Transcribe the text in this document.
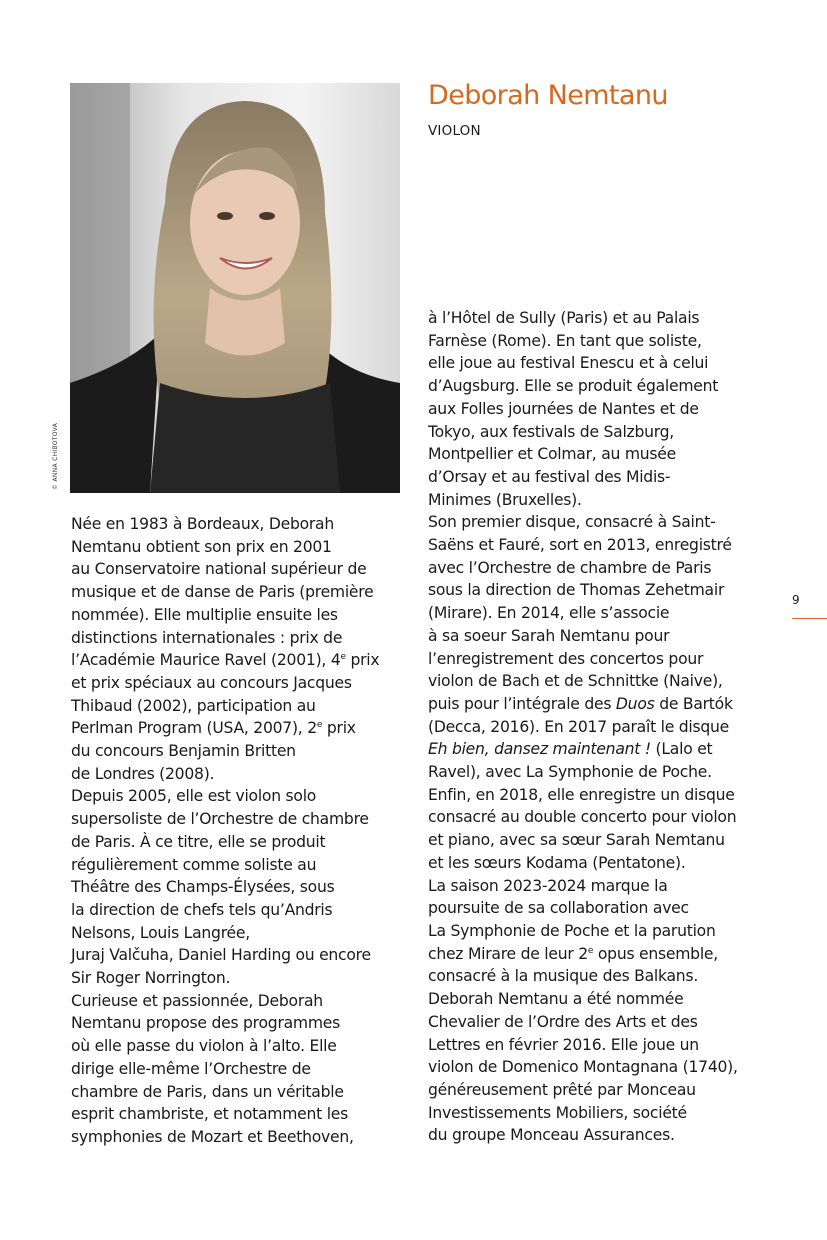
© ANNA CHIBOTOVA
Deborah Nemtanu
VIOLON
Née en 1983 à Bordeaux, Deborah
Nemtanu obtient son prix en 2001
au Conservatoire national supérieur de
musique et de danse de Paris (première
nommée). Elle multiplie ensuite les
distinctions internationales : prix de
l’Académie Maurice Ravel (2001), 4e prix
et prix spéciaux au concours Jacques
Thibaud (2002), participation au
Perlman Program (USA, 2007), 2e prix
du concours Benjamin Britten
de Londres (2008).
Depuis 2005, elle est violon solo
supersoliste de l’Orchestre de chambre
de Paris. À ce titre, elle se produit
régulièrement comme soliste au
Théâtre des Champs-Élysées, sous
la direction de chefs tels qu’Andris
Nelsons, Louis Langrée,
Juraj Valčuha, Daniel Harding ou encore
Sir Roger Norrington.
Curieuse et passionnée, Deborah
Nemtanu propose des programmes
où elle passe du violon à l’alto. Elle
dirige elle-même l’Orchestre de
chambre de Paris, dans un véritable
esprit chambriste, et notamment les
symphonies de Mozart et Beethoven,
à l’Hôtel de Sully (Paris) et au Palais
Farnèse (Rome). En tant que soliste,
elle joue au festival Enescu et à celui
d’Augsburg. Elle se produit également
aux Folles journées de Nantes et de
Tokyo, aux festivals de Salzburg,
Montpellier et Colmar, au musée
d’Orsay et au festival des Midis-
Minimes (Bruxelles).
Son premier disque, consacré à Saint-
Saëns et Fauré, sort en 2013, enregistré
avec l’Orchestre de chambre de Paris
sous la direction de Thomas Zehetmair
(Mirare). En 2014, elle s’associe
à sa soeur Sarah Nemtanu pour
l’enregistrement des concertos pour
violon de Bach et de Schnittke (Naive),
puis pour l’intégrale des Duos de Bartók
(Decca, 2016). En 2017 paraît le disque
Eh bien, dansez maintenant ! (Lalo et
Ravel), avec La Symphonie de Poche.
Enfin, en 2018, elle enregistre un disque
consacré au double concerto pour violon
et piano, avec sa sœur Sarah Nemtanu
et les sœurs Kodama (Pentatone).
La saison 2023-2024 marque la
poursuite de sa collaboration avec
La Symphonie de Poche et la parution
chez Mirare de leur 2e opus ensemble,
consacré à la musique des Balkans.
Deborah Nemtanu a été nommée
Chevalier de l’Ordre des Arts et des
Lettres en février 2016. Elle joue un
violon de Domenico Montagnana (1740),
généreusement prêté par Monceau
Investissements Mobiliers, société
du groupe Monceau Assurances.
9
